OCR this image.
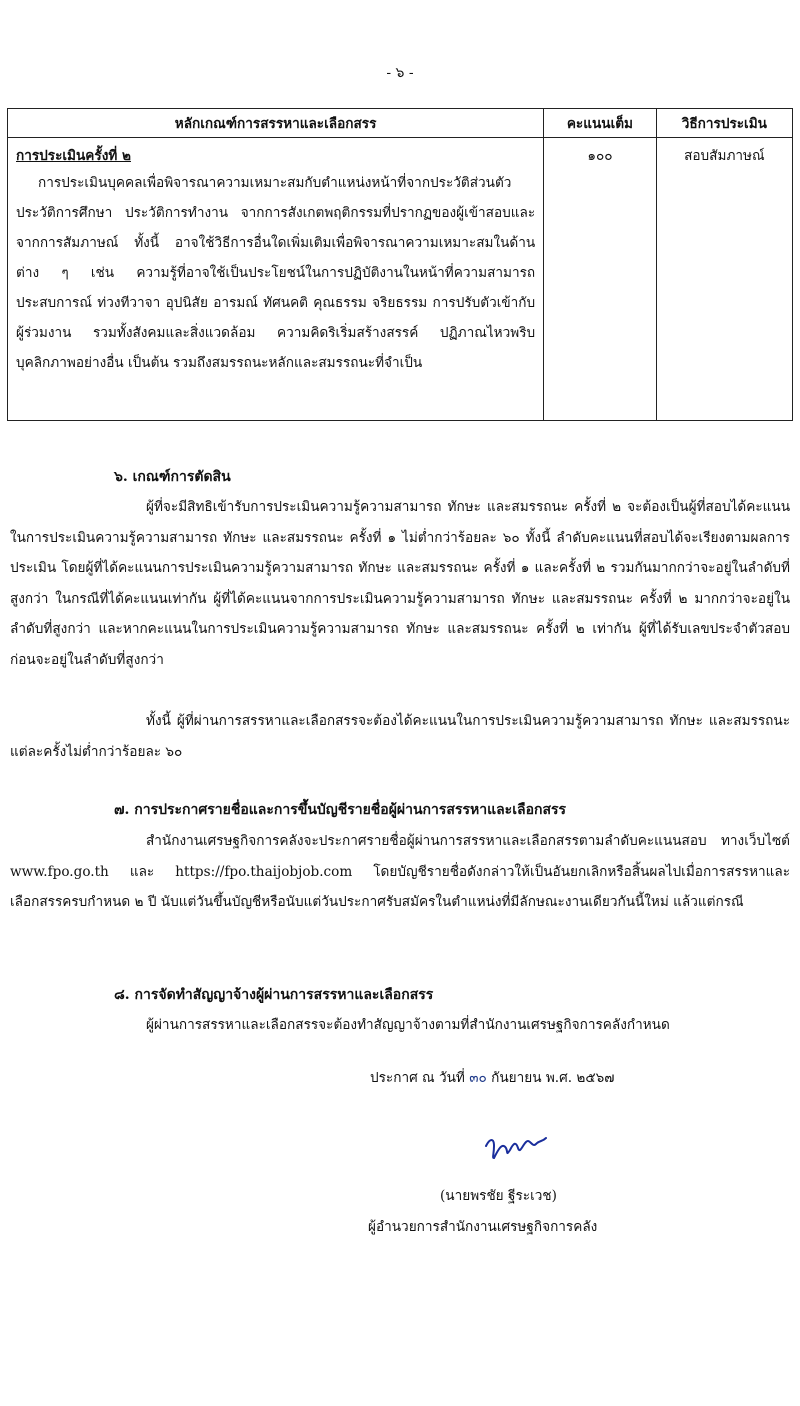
- ๖ -
หลักเกณฑ์การสรรหาและเลือกสรร	คะแนนเต็ม	วิธีการประเมิน

การประเมินครั้งที่ ๒
การประเมินบุคคลเพื่อพิจารณาความเหมาะสมกับตำแหน่งหน้าที่จากประวัติส่วนตัว ประวัติการศึกษา ประวัติการทำงาน จากการสังเกตพฤติกรรมที่ปรากฏของผู้เข้าสอบและจากการสัมภาษณ์ ทั้งนี้ อาจใช้วิธีการอื่นใดเพิ่มเติมเพื่อพิจารณาความเหมาะสมในด้านต่าง ๆ เช่น ความรู้ที่อาจใช้เป็นประโยชน์ในการปฏิบัติงานในหน้าที่ความสามารถ ประสบการณ์ ท่วงทีวาจา อุปนิสัย อารมณ์ ทัศนคติ คุณธรรม จริยธรรม การปรับตัวเข้ากับผู้ร่วมงาน รวมทั้งสังคมและสิ่งแวดล้อม ความคิดริเริ่มสร้างสรรค์ ปฏิภาณไหวพริบ บุคลิกภาพอย่างอื่น เป็นต้น รวมถึงสมรรถนะหลักและสมรรถนะที่จำเป็น	๑๐๐	สอบสัมภาษณ์
๖. เกณฑ์การตัดสิน

ผู้ที่จะมีสิทธิเข้ารับการประเมินความรู้ความสามารถ ทักษะ และสมรรถนะ ครั้งที่ ๒ จะต้องเป็นผู้ที่สอบได้คะแนนในการประเมินความรู้ความสามารถ ทักษะ และสมรรถนะ ครั้งที่ ๑ ไม่ต่ำกว่าร้อยละ ๖๐ ทั้งนี้ ลำดับคะแนนที่สอบได้จะเรียงตามผลการประเมิน โดยผู้ที่ได้คะแนนการประเมินความรู้ความสามารถ ทักษะ และสมรรถนะ ครั้งที่ ๑ และครั้งที่ ๒ รวมกันมากกว่าจะอยู่ในลำดับที่สูงกว่า ในกรณีที่ได้คะแนนเท่ากัน ผู้ที่ได้คะแนนจากการประเมินความรู้ความสามารถ ทักษะ และสมรรถนะ ครั้งที่ ๒ มากกว่าจะอยู่ในลำดับที่สูงกว่า และหากคะแนนในการประเมินความรู้ความสามารถ ทักษะ และสมรรถนะ ครั้งที่ ๒ เท่ากัน ผู้ที่ได้รับเลขประจำตัวสอบก่อนจะอยู่ในลำดับที่สูงกว่า

ทั้งนี้ ผู้ที่ผ่านการสรรหาและเลือกสรรจะต้องได้คะแนนในการประเมินความรู้ความสามารถ ทักษะ และสมรรถนะ แต่ละครั้งไม่ต่ำกว่าร้อยละ ๖๐

๗. การประกาศรายชื่อและการขึ้นบัญชีรายชื่อผู้ผ่านการสรรหาและเลือกสรร

สำนักงานเศรษฐกิจการคลังจะประกาศรายชื่อผู้ผ่านการสรรหาและเลือกสรรตามลำดับคะแนนสอบ ทางเว็บไซต์ www.fpo.go.th และ https://fpo.thaijobjob.com โดยบัญชีรายชื่อดังกล่าวให้เป็นอันยกเลิกหรือสิ้นผลไปเมื่อการสรรหาและเลือกสรรครบกำหนด ๒ ปี นับแต่วันขึ้นบัญชีหรือนับแต่วันประกาศรับสมัครในตำแหน่งที่มีลักษณะงานเดียวกันนี้ใหม่ แล้วแต่กรณี

๘. การจัดทำสัญญาจ้างผู้ผ่านการสรรหาและเลือกสรร

ผู้ผ่านการสรรหาและเลือกสรรจะต้องทำสัญญาจ้างตามที่สำนักงานเศรษฐกิจการคลังกำหนด

ประกาศ ณ วันที่ ๓๐ กันยายน พ.ศ. ๒๕๖๗
(นายพรชัย ฐีระเวช)
ผู้อำนวยการสำนักงานเศรษฐกิจการคลัง
